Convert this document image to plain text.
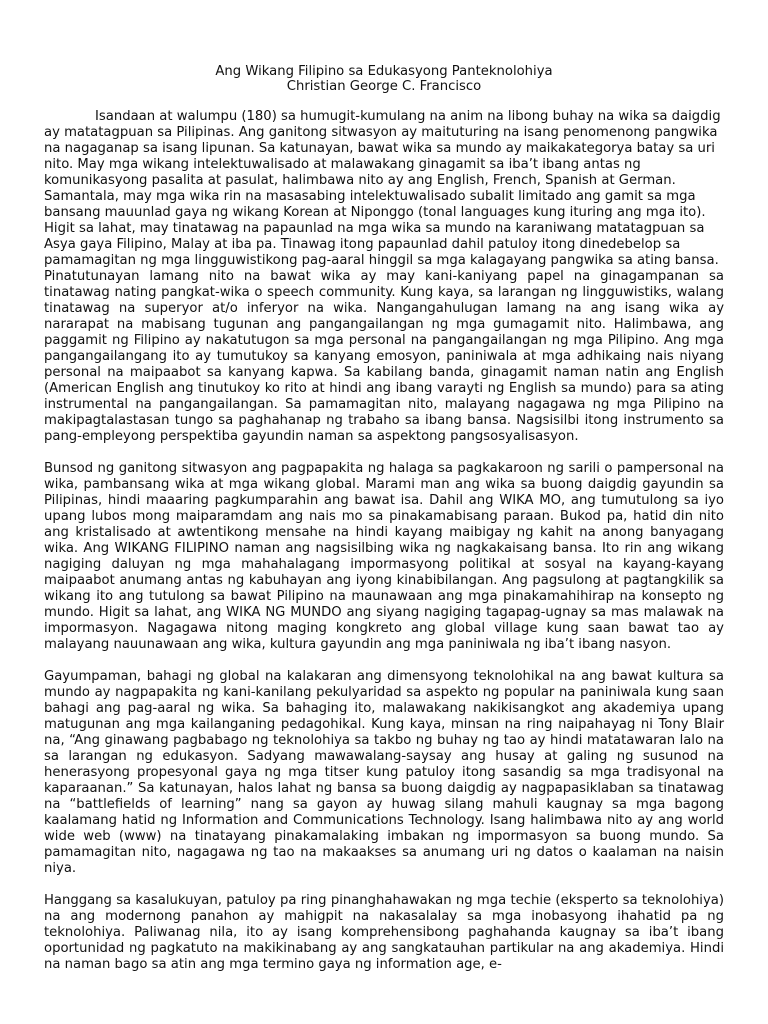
Ang Wikang Filipino sa Edukasyong Panteknolohiya

Christian George C. Francisco

Isandaan at walumpu (180) sa humugit-kumulang na anim na libong buhay na wika sa daigdig ay matatagpuan sa Pilipinas. Ang ganitong sitwasyon ay maituturing na isang penomenong pangwika na nagaganap sa isang lipunan. Sa katunayan, bawat wika sa mundo ay maikakategorya batay sa uri nito. May mga wikang intelektuwalisado at malawakang ginagamit sa iba’t ibang antas ng komunikasyong pasalita at pasulat, halimbawa nito ay ang English, French, Spanish at German. Samantala, may mga wika rin na masasabing intelektuwalisado subalit limitado ang gamit sa mga bansang mauunlad gaya ng wikang Korean at Niponggo (tonal languages kung ituring ang mga ito). Higit sa lahat, may tinatawag na papaunlad na mga wika sa mundo na karaniwang matatagpuan sa Asya gaya Filipino, Malay at iba pa. Tinawag itong papaunlad dahil patuloy itong dinedebelop sa pamamagitan ng mga lingguwistikong pag-aaral hinggil sa mga kalagayang pangwika sa ating bansa.

Pinatutunayan lamang nito na bawat wika ay may kani-kaniyang papel na ginagampanan sa tinatawag nating pangkat-wika o speech community. Kung kaya, sa larangan ng lingguwistiks, walang tinatawag na superyor at/o inferyor na wika. Nangangahulugan lamang na ang isang wika ay nararapat na mabisang tugunan ang pangangailangan ng mga gumagamit nito. Halimbawa, ang paggamit ng Filipino ay nakatutugon sa mga personal na pangangailangan ng mga Pilipino. Ang mga pangangailangang ito ay tumutukoy sa kanyang emosyon, paniniwala at mga adhikaing nais niyang personal na maipaabot sa kanyang kapwa. Sa kabilang banda, ginagamit naman natin ang English (American English ang tinutukoy ko rito at hindi ang ibang varayti ng English sa mundo) para sa ating instrumental na pangangailangan. Sa pamamagitan nito, malayang nagagawa ng mga Pilipino na makipagtalastasan tungo sa paghahanap ng trabaho sa ibang bansa. Nagsisilbi itong instrumento sa pang-empleyong perspektiba gayundin naman sa aspektong pangsosyalisasyon.

Bunsod ng ganitong sitwasyon ang pagpapakita ng halaga sa pagkakaroon ng sarili o pampersonal na wika, pambansang wika at mga wikang global. Marami man ang wika sa buong daigdig gayundin sa Pilipinas, hindi maaaring pagkumparahin ang bawat isa. Dahil ang WIKA MO, ang tumutulong sa iyo upang lubos mong maiparamdam ang nais mo sa pinakamabisang paraan. Bukod pa, hatid din nito ang kristalisado at awtentikong mensahe na hindi kayang maibigay ng kahit na anong banyagang wika. Ang WIKANG FILIPINO naman ang nagsisilbing wika ng nagkakaisang bansa. Ito rin ang wikang nagiging daluyan ng mga mahahalagang impormasyong politikal at sosyal na kayang-kayang maipaabot anumang antas ng kabuhayan ang iyong kinabibilangan. Ang pagsulong at pagtangkilik sa wikang ito ang tutulong sa bawat Pilipino na maunawaan ang mga pinakamahihirap na konsepto ng mundo. Higit sa lahat, ang WIKA NG MUNDO ang siyang nagiging tagapag-ugnay sa mas malawak na impormasyon. Nagagawa nitong maging kongkreto ang global village kung saan bawat tao ay malayang nauunawaan ang wika, kultura gayundin ang mga paniniwala ng iba’t ibang nasyon.

Gayumpaman, bahagi ng global na kalakaran ang dimensyong teknolohikal na ang bawat kultura sa mundo ay nagpapakita ng kani-kanilang pekulyaridad sa aspekto ng popular na paniniwala kung saan bahagi ang pag-aaral ng wika. Sa bahaging ito, malawakang nakikisangkot ang akademiya upang matugunan ang mga kailanganing pedagohikal. Kung kaya, minsan na ring naipahayag ni Tony Blair na, “Ang ginawang pagbabago ng teknolohiya sa takbo ng buhay ng tao ay hindi matatawaran lalo na sa larangan ng edukasyon. Sadyang mawawalang-saysay ang husay at galing ng susunod na henerasyong propesyonal gaya ng mga titser kung patuloy itong sasandig sa mga tradisyonal na kaparaanan.” Sa katunayan, halos lahat ng bansa sa buong daigdig ay nagpapasiklaban sa tinatawag na “battlefields of learning” nang sa gayon ay huwag silang mahuli kaugnay sa mga bagong kaalamang hatid ng Information and Communications Technology. Isang halimbawa nito ay ang world wide web (www) na tinatayang pinakamalaking imbakan ng impormasyon sa buong mundo. Sa pamamagitan nito, nagagawa ng tao na makaakses sa anumang uri ng datos o kaalaman na naisin niya.

Hanggang sa kasalukuyan, patuloy pa ring pinanghahawakan ng mga techie (eksperto sa teknolohiya) na ang modernong panahon ay mahigpit na nakasalalay sa mga inobasyong ihahatid pa ng teknolohiya. Paliwanag nila, ito ay isang komprehensibong paghahanda kaugnay sa iba’t ibang oportunidad ng pagkatuto na makikinabang ay ang sangkatauhan partikular na ang akademiya. Hindi na naman bago sa atin ang mga termino gaya ng information age, e-
